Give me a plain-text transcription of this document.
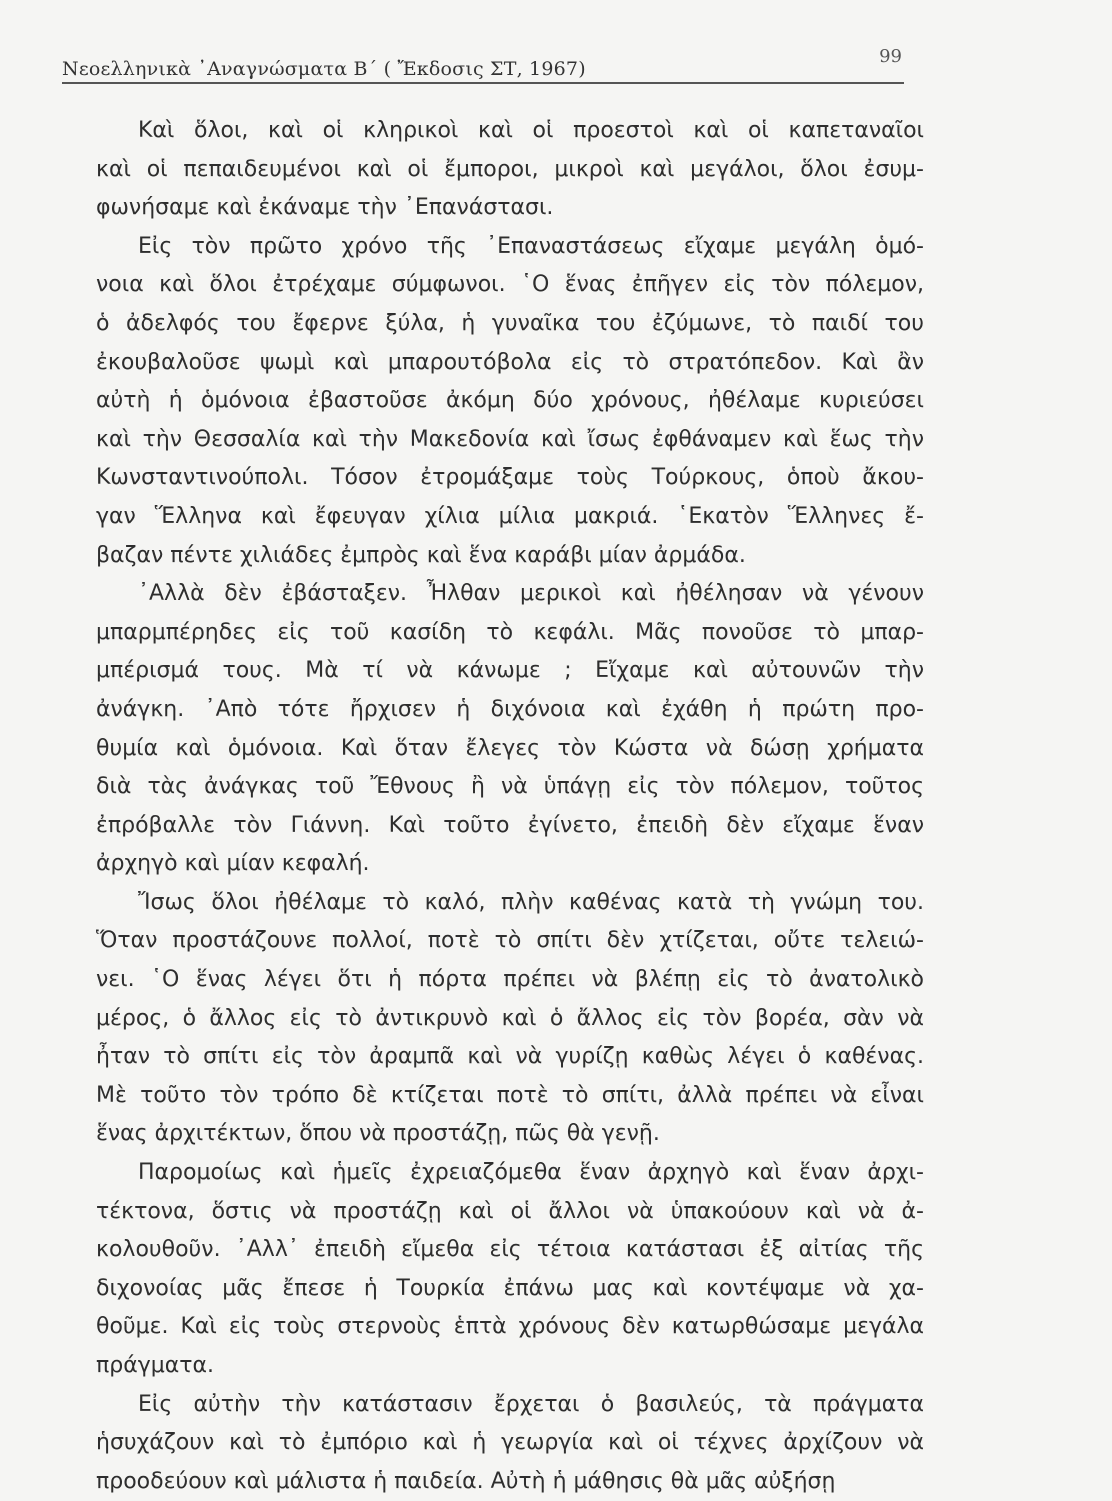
Νεοελληνικὰ ᾿Αναγνώσματα Β΄ ( Ἔκδοσις ΣΤ, 1967)
99
Καὶ ὅλοι, καὶ οἱ κληρικοὶ καὶ οἱ προεστοὶ καὶ οἱ καπεταναῖοι
καὶ οἱ πεπαιδευμένοι καὶ οἱ ἔμποροι, μικροὶ καὶ μεγάλοι, ὅλοι ἐσυμ-
φωνήσαμε καὶ ἐκάναμε τὴν ᾿Επανάστασι.
Εἰς τὸν πρῶτο χρόνο τῆς ᾿Επαναστάσεως εἴχαμε μεγάλη ὁμό-
νοια καὶ ὅλοι ἐτρέχαμε σύμφωνοι. ῾Ο ἕνας ἐπῆγεν εἰς τὸν πόλεμον,
ὁ ἀδελφός του ἔφερνε ξύλα, ἡ γυναῖκα του ἐζύμωνε, τὸ παιδί του
ἐκουβαλοῦσε ψωμὶ καὶ μπαρουτόβολα εἰς τὸ στρατόπεδον. Καὶ ἂν
αὐτὴ ἡ ὁμόνοια ἐβαστοῦσε ἀκόμη δύο χρόνους, ἠθέλαμε κυριεύσει
καὶ τὴν Θεσσαλία καὶ τὴν Μακεδονία καὶ ἴσως ἐφθάναμεν καὶ ἕως τὴν
Κωνσταντινούπολι. Τόσον ἐτρομάξαμε τοὺς Τούρκους, ὁποὺ ἄκου-
γαν Ἕλληνα καὶ ἔφευγαν χίλια μίλια μακριά. ῾Εκατὸν Ἕλληνες ἔ-
βαζαν πέντε χιλιάδες ἐμπρὸς καὶ ἕνα καράβι μίαν ἀρμάδα.
᾿Αλλὰ δὲν ἐβάσταξεν. Ἦλθαν μερικοὶ καὶ ἠθέλησαν νὰ γένουν
μπαρμπέρηδες εἰς τοῦ κασίδη τὸ κεφάλι. Μᾶς πονοῦσε τὸ μπαρ-
μπέρισμά τους. Μὰ τί νὰ κάνωμε ; Εἴχαμε καὶ αὐτουνῶν τὴν
ἀνάγκη. ᾿Απὸ τότε ἤρχισεν ἡ διχόνοια καὶ ἐχάθη ἡ πρώτη προ-
θυμία καὶ ὁμόνοια. Καὶ ὅταν ἔλεγες τὸν Κώστα νὰ δώσῃ χρήματα
διὰ τὰς ἀνάγκας τοῦ Ἔθνους ἢ νὰ ὑπάγῃ εἰς τὸν πόλεμον, τοῦτος
ἐπρόβαλλε τὸν Γιάννη. Καὶ τοῦτο ἐγίνετο, ἐπειδὴ δὲν εἴχαμε ἕναν
ἀρχηγὸ καὶ μίαν κεφαλή.
Ἴσως ὅλοι ἠθέλαμε τὸ καλό, πλὴν καθένας κατὰ τὴ γνώμη του.
Ὅταν προστάζουνε πολλοί, ποτὲ τὸ σπίτι δὲν χτίζεται, οὔτε τελειώ-
νει. ῾Ο ἕνας λέγει ὅτι ἡ πόρτα πρέπει νὰ βλέπῃ εἰς τὸ ἀνατολικὸ
μέρος, ὁ ἄλλος εἰς τὸ ἀντικρυνὸ καὶ ὁ ἄλλος εἰς τὸν βορέα, σὰν νὰ
ἦταν τὸ σπίτι εἰς τὸν ἀραμπᾶ καὶ νὰ γυρίζῃ καθὼς λέγει ὁ καθένας.
Μὲ τοῦτο τὸν τρόπο δὲ κτίζεται ποτὲ τὸ σπίτι, ἀλλὰ πρέπει νὰ εἶναι
ἕνας ἀρχιτέκτων, ὅπου νὰ προστάζῃ, πῶς θὰ γενῇ.
Παρομοίως καὶ ἡμεῖς ἐχρειαζόμεθα ἕναν ἀρχηγὸ καὶ ἕναν ἀρχι-
τέκτονα, ὅστις νὰ προστάζῃ καὶ οἱ ἄλλοι νὰ ὑπακούουν καὶ νὰ ἀ-
κολουθοῦν. ᾿Αλλ᾿ ἐπειδὴ εἴμεθα εἰς τέτοια κατάστασι ἐξ αἰτίας τῆς
διχονοίας μᾶς ἔπεσε ἡ Τουρκία ἐπάνω μας καὶ κοντέψαμε νὰ χα-
θοῦμε. Καὶ εἰς τοὺς στερνοὺς ἑπτὰ χρόνους δὲν κατωρθώσαμε μεγάλα
πράγματα.
Εἰς αὐτὴν τὴν κατάστασιν ἔρχεται ὁ βασιλεύς, τὰ πράγματα
ἡσυχάζουν καὶ τὸ ἐμπόριο καὶ ἡ γεωργία καὶ οἱ τέχνες ἀρχίζουν νὰ
προοδεύουν καὶ μάλιστα ἡ παιδεία. Αὐτὴ ἡ μάθησις θὰ μᾶς αὐξήσῃ
